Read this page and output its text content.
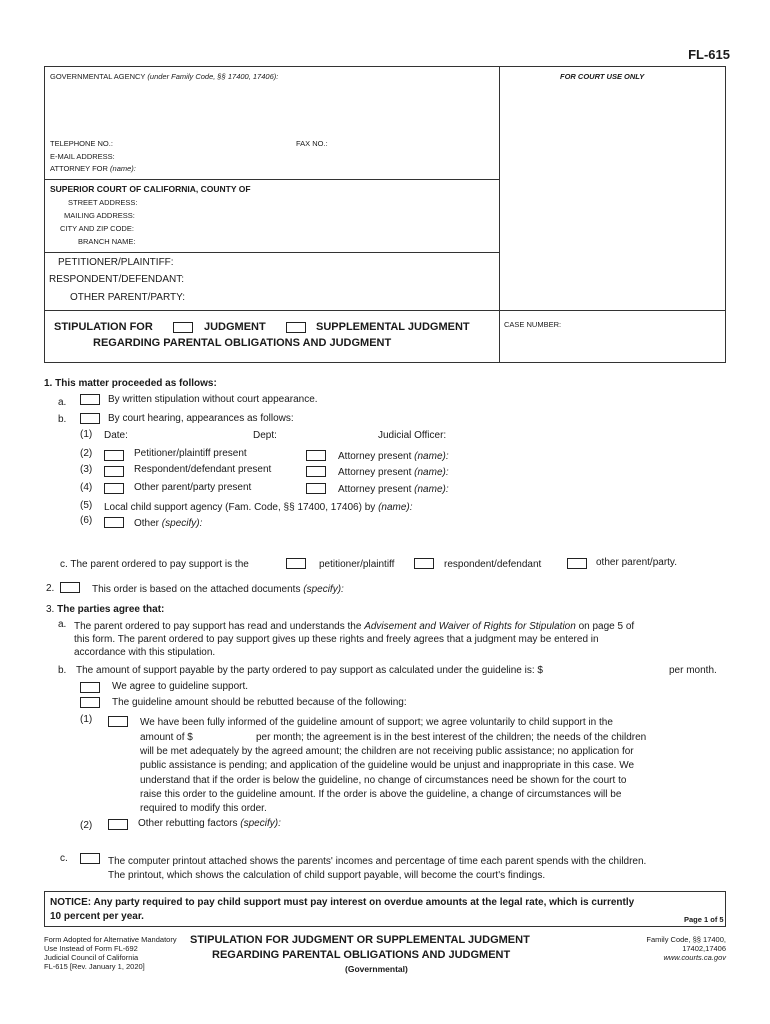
FL-615
GOVERNMENTAL AGENCY (under Family Code, §§ 17400, 17406):	FOR COURT USE ONLY
TELEPHONE NO.:	FAX NO.:
E-MAIL ADDRESS:
ATTORNEY FOR (name):
SUPERIOR COURT OF CALIFORNIA, COUNTY OF
STREET ADDRESS:
MAILING ADDRESS:
CITY AND ZIP CODE:
BRANCH NAME:
PETITIONER/PLAINTIFF:
RESPONDENT/DEFENDANT:
OTHER PARENT/PARTY:
CASE NUMBER:
STIPULATION FOR	JUDGMENT	SUPPLEMENTAL JUDGMENT
REGARDING PARENTAL OBLIGATIONS AND JUDGMENT
1. This matter proceeded as follows:
a.	By written stipulation without court appearance.
b.	By court hearing, appearances as follows:
(1) Date:	Dept:	Judicial Officer:
(2)	Petitioner/plaintiff present	Attorney present (name):
(3)	Respondent/defendant present	Attorney present (name):
(4)	Other parent/party present	Attorney present (name):
(5) Local child support agency (Fam. Code, §§ 17400, 17406) by (name):
(6)	Other (specify):
c. The parent ordered to pay support is the	petitioner/plaintiff	respondent/defendant	other parent/party.
2.	This order is based on the attached documents (specify):
3. The parties agree that:
a. The parent ordered to pay support has read and understands the Advisement and Waiver of Rights for Stipulation on page 5 of
this form. The parent ordered to pay support gives up these rights and freely agrees that a judgment may be entered in
accordance with this stipulation.
b. The amount of support payable by the party ordered to pay support as calculated under the guideline is: $	per month.
We agree to guideline support.
The guideline amount should be rebutted because of the following:
(1)	We have been fully informed of the guideline amount of support; we agree voluntarily to child support in the
amount of $	per month; the agreement is in the best interest of the children; the needs of the children
will be met adequately by the agreed amount; the children are not receiving public assistance; no application for
public assistance is pending; and application of the guideline would be unjust and inappropriate in this case. We
understand that if the order is below the guideline, no change of circumstances need be shown for the court to
raise this order to the guideline amount. If the order is above the guideline, a change of circumstances will be
required to modify this order.
(2)	Other rebutting factors (specify):
c.	The computer printout attached shows the parents' incomes and percentage of time each parent spends with the children.
The printout, which shows the calculation of child support payable, will become the court's findings.
NOTICE: Any party required to pay child support must pay interest on overdue amounts at the legal rate, which is currently
10 percent per year.	Page 1 of 5
Form Adopted for Alternative Mandatory
Use Instead of Form FL-692
Judicial Council of California
FL-615 [Rev. January 1, 2020]
STIPULATION FOR JUDGMENT OR SUPPLEMENTAL JUDGMENT
REGARDING PARENTAL OBLIGATIONS AND JUDGMENT
(Governmental)
Family Code, §§ 17400,
17402,17406
www.courts.ca.gov
